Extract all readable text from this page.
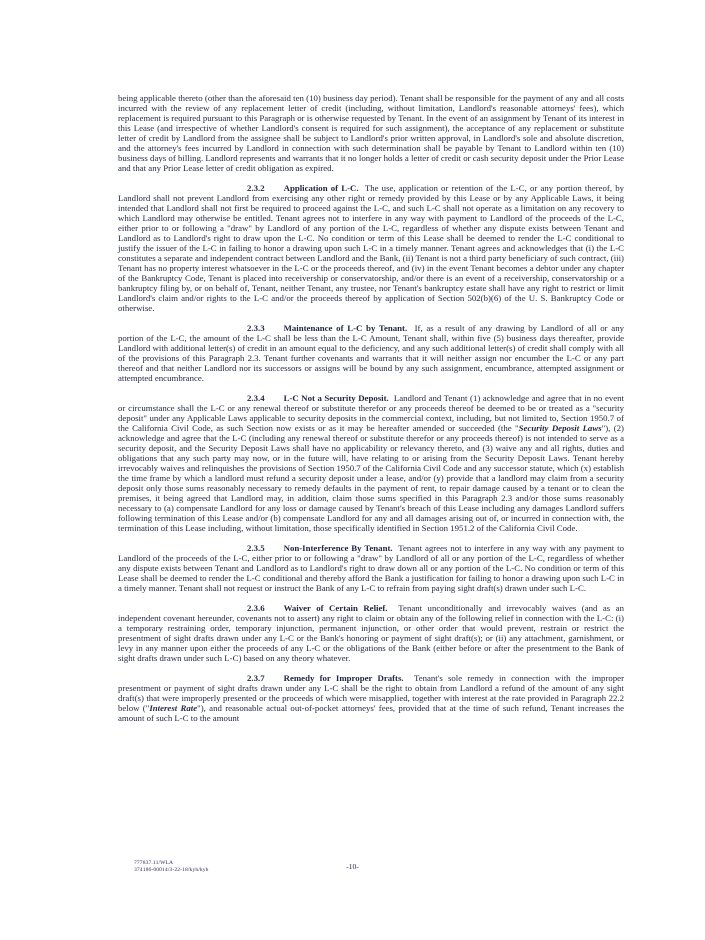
being applicable thereto (other than the aforesaid ten (10) business day period). Tenant shall be responsible for the payment of any and all costs incurred with the review of any replacement letter of credit (including, without limitation, Landlord's reasonable attorneys' fees), which replacement is required pursuant to this Paragraph or is otherwise requested by Tenant. In the event of an assignment by Tenant of its interest in this Lease (and irrespective of whether Landlord's consent is required for such assignment), the acceptance of any replacement or substitute letter of credit by Landlord from the assignee shall be subject to Landlord's prior written approval, in Landlord's sole and absolute discretion, and the attorney's fees incurred by Landlord in connection with such determination shall be payable by Tenant to Landlord within ten (10) business days of billing. Landlord represents and warrants that it no longer holds a letter of credit or cash security deposit under the Prior Lease and that any Prior Lease letter of credit obligation as expired.

2.3.2 Application of L-C. The use, application or retention of the L-C, or any portion thereof, by Landlord shall not prevent Landlord from exercising any other right or remedy provided by this Lease or by any Applicable Laws, it being intended that Landlord shall not first be required to proceed against the L-C, and such L-C shall not operate as a limitation on any recovery to which Landlord may otherwise be entitled. Tenant agrees not to interfere in any way with payment to Landlord of the proceeds of the L-C, either prior to or following a "draw" by Landlord of any portion of the L-C, regardless of whether any dispute exists between Tenant and Landlord as to Landlord's right to draw upon the L-C. No condition or term of this Lease shall be deemed to render the L-C conditional to justify the issuer of the L-C in failing to honor a drawing upon such L-C in a timely manner. Tenant agrees and acknowledges that (i) the L-C constitutes a separate and independent contract between Landlord and the Bank, (ii) Tenant is not a third party beneficiary of such contract, (iii) Tenant has no property interest whatsoever in the L-C or the proceeds thereof, and (iv) in the event Tenant becomes a debtor under any chapter of the Bankruptcy Code, Tenant is placed into receivership or conservatorship, and/or there is an event of a receivership, conservatorship or a bankruptcy filing by, or on behalf of, Tenant, neither Tenant, any trustee, nor Tenant's bankruptcy estate shall have any right to restrict or limit Landlord's claim and/or rights to the L-C and/or the proceeds thereof by application of Section 502(b)(6) of the U. S. Bankruptcy Code or otherwise.

2.3.3 Maintenance of L-C by Tenant. If, as a result of any drawing by Landlord of all or any portion of the L-C, the amount of the L-C shall be less than the L-C Amount, Tenant shall, within five (5) business days thereafter, provide Landlord with additional letter(s) of credit in an amount equal to the deficiency, and any such additional letter(s) of credit shall comply with all of the provisions of this Paragraph 2.3. Tenant further covenants and warrants that it will neither assign nor encumber the L-C or any part thereof and that neither Landlord nor its successors or assigns will be bound by any such assignment, encumbrance, attempted assignment or attempted encumbrance.

2.3.4 L-C Not a Security Deposit. Landlord and Tenant (1) acknowledge and agree that in no event or circumstance shall the L-C or any renewal thereof or substitute therefor or any proceeds thereof be deemed to be or treated as a "security deposit" under any Applicable Laws applicable to security deposits in the commercial context, including, but not limited to, Section 1950.7 of the California Civil Code, as such Section now exists or as it may be hereafter amended or succeeded (the "Security Deposit Laws"), (2) acknowledge and agree that the L-C (including any renewal thereof or substitute therefor or any proceeds thereof) is not intended to serve as a security deposit, and the Security Deposit Laws shall have no applicability or relevancy thereto, and (3) waive any and all rights, duties and obligations that any such party may now, or in the future will, have relating to or arising from the Security Deposit Laws. Tenant hereby irrevocably waives and relinquishes the provisions of Section 1950.7 of the California Civil Code and any successor statute, which (x) establish the time frame by which a landlord must refund a security deposit under a lease, and/or (y) provide that a landlord may claim from a security deposit only those sums reasonably necessary to remedy defaults in the payment of rent, to repair damage caused by a tenant or to clean the premises, it being agreed that Landlord may, in addition, claim those sums specified in this Paragraph 2.3 and/or those sums reasonably necessary to (a) compensate Landlord for any loss or damage caused by Tenant's breach of this Lease including any damages Landlord suffers following termination of this Lease and/or (b) compensate Landlord for any and all damages arising out of, or incurred in connection with, the termination of this Lease including, without limitation, those specifically identified in Section 1951.2 of the California Civil Code.

2.3.5 Non-Interference By Tenant. Tenant agrees not to interfere in any way with any payment to Landlord of the proceeds of the L-C, either prior to or following a "draw" by Landlord of all or any portion of the L-C, regardless of whether any dispute exists between Tenant and Landlord as to Landlord's right to draw down all or any portion of the L-C. No condition or term of this Lease shall be deemed to render the L-C conditional and thereby afford the Bank a justification for failing to honor a drawing upon such L-C in a timely manner. Tenant shall not request or instruct the Bank of any L-C to refrain from paying sight draft(s) drawn under such L-C.

2.3.6 Waiver of Certain Relief. Tenant unconditionally and irrevocably waives (and as an independent covenant hereunder, covenants not to assert) any right to claim or obtain any of the following relief in connection with the L-C: (i) a temporary restraining order, temporary injunction, permanent injunction, or other order that would prevent, restrain or restrict the presentment of sight drafts drawn under any L-C or the Bank's honoring or payment of sight draft(s); or (ii) any attachment, garnishment, or levy in any manner upon either the proceeds of any L-C or the obligations of the Bank (either before or after the presentment to the Bank of sight drafts drawn under such L-C) based on any theory whatever.

2.3.7 Remedy for Improper Drafts. Tenant's sole remedy in connection with the improper presentment or payment of sight drafts drawn under any L-C shall be the right to obtain from Landlord a refund of the amount of any sight draft(s) that were improperly presented or the proceeds of which were misapplied, together with interest at the rate provided in Paragraph 22.2 below ("Interest Rate"), and reasonable actual out-of-pocket attorneys' fees, provided that at the time of such refund, Tenant increases the amount of such L-C to the amount

777837.11/WLA
374186-00014/3-22-18/kyh/kyh	-10-
